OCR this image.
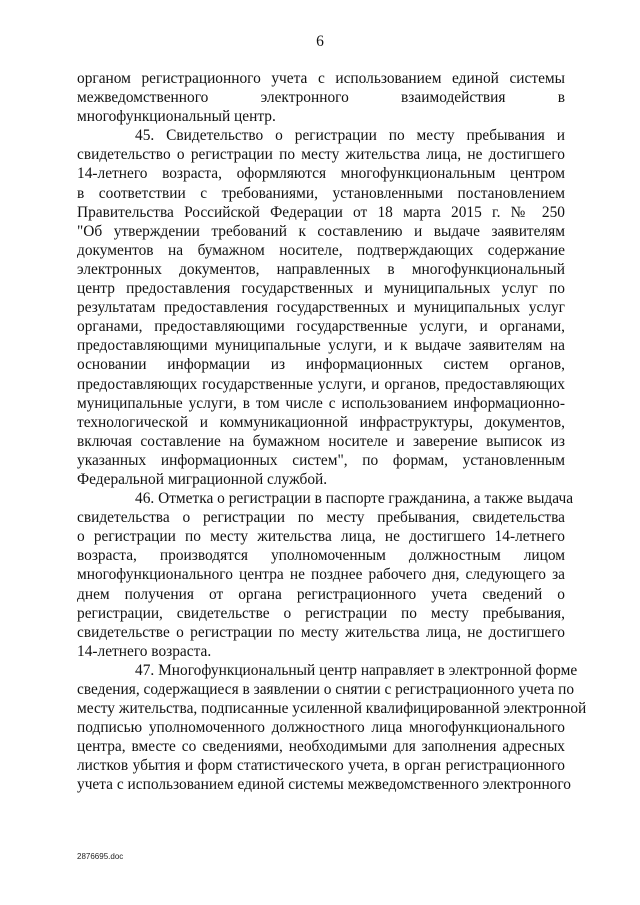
6
органом регистрационного учета с использованием единой системы
межведомственного электронного взаимодействия в
многофункциональный центр.
45. Свидетельство о регистрации по месту пребывания и
свидетельство о регистрации по месту жительства лица, не достигшего
14-летнего возраста, оформляются многофункциональным центром
в соответствии с требованиями, установленными постановлением
Правительства Российской Федерации от 18 марта 2015 г. № 250
"Об утверждении требований к составлению и выдаче заявителям
документов на бумажном носителе, подтверждающих содержание
электронных документов, направленных в многофункциональный
центр предоставления государственных и муниципальных услуг по
результатам предоставления государственных и муниципальных услуг
органами, предоставляющими государственные услуги, и органами,
предоставляющими муниципальные услуги, и к выдаче заявителям на
основании информации из информационных систем органов,
предоставляющих государственные услуги, и органов, предоставляющих
муниципальные услуги, в том числе с использованием информационно-
технологической и коммуникационной инфраструктуры, документов,
включая составление на бумажном носителе и заверение выписок из
указанных информационных систем", по формам, установленным
Федеральной миграционной службой.
46. Отметка о регистрации в паспорте гражданина, а также выдача
свидетельства о регистрации по месту пребывания, свидетельства
о регистрации по месту жительства лица, не достигшего 14-летнего
возраста, производятся уполномоченным должностным лицом
многофункционального центра не позднее рабочего дня, следующего за
днем получения от органа регистрационного учета сведений о
регистрации, свидетельстве о регистрации по месту пребывания,
свидетельстве о регистрации по месту жительства лица, не достигшего
14-летнего возраста.
47. Многофункциональный центр направляет в электронной форме
сведения, содержащиеся в заявлении о снятии с регистрационного учета по
месту жительства, подписанные усиленной квалифицированной электронной
подписью уполномоченного должностного лица многофункционального
центра, вместе со сведениями, необходимыми для заполнения адресных
листков убытия и форм статистического учета, в орган регистрационного
учета с использованием единой системы межведомственного электронного
2876695.doc
